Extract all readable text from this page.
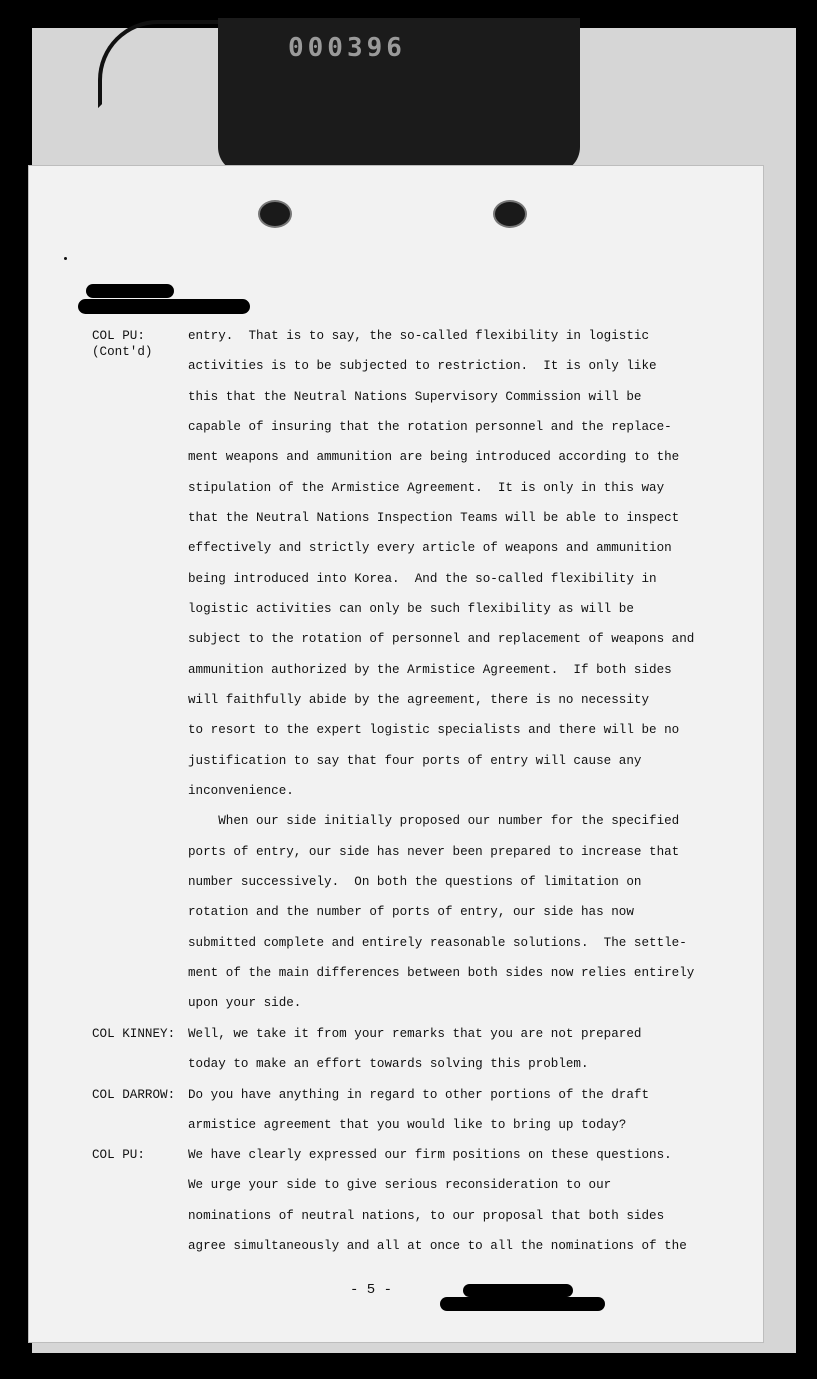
000396
COL PU:
(Cont'd)
COL KINNEY:
COL DARROW:
COL PU:
entry.  That is to say, the so-called flexibility in logistic
activities is to be subjected to restriction.  It is only like
this that the Neutral Nations Supervisory Commission will be
capable of insuring that the rotation personnel and the replace-
ment weapons and ammunition are being introduced according to the
stipulation of the Armistice Agreement.  It is only in this way
that the Neutral Nations Inspection Teams will be able to inspect
effectively and strictly every article of weapons and ammunition
being introduced into Korea.  And the so-called flexibility in
logistic activities can only be such flexibility as will be
subject to the rotation of personnel and replacement of weapons and
ammunition authorized by the Armistice Agreement.  If both sides
will faithfully abide by the agreement, there is no necessity
to resort to the expert logistic specialists and there will be no
justification to say that four ports of entry will cause any
inconvenience.
When our side initially proposed our number for the specified
ports of entry, our side has never been prepared to increase that
number successively.  On both the questions of limitation on
rotation and the number of ports of entry, our side has now
submitted complete and entirely reasonable solutions.  The settle-
ment of the main differences between both sides now relies entirely
upon your side.
Well, we take it from your remarks that you are not prepared
today to make an effort towards solving this problem.
Do you have anything in regard to other portions of the draft
armistice agreement that you would like to bring up today?
We have clearly expressed our firm positions on these questions.
We urge your side to give serious reconsideration to our
nominations of neutral nations, to our proposal that both sides
agree simultaneously and all at once to all the nominations of the
- 5 -
